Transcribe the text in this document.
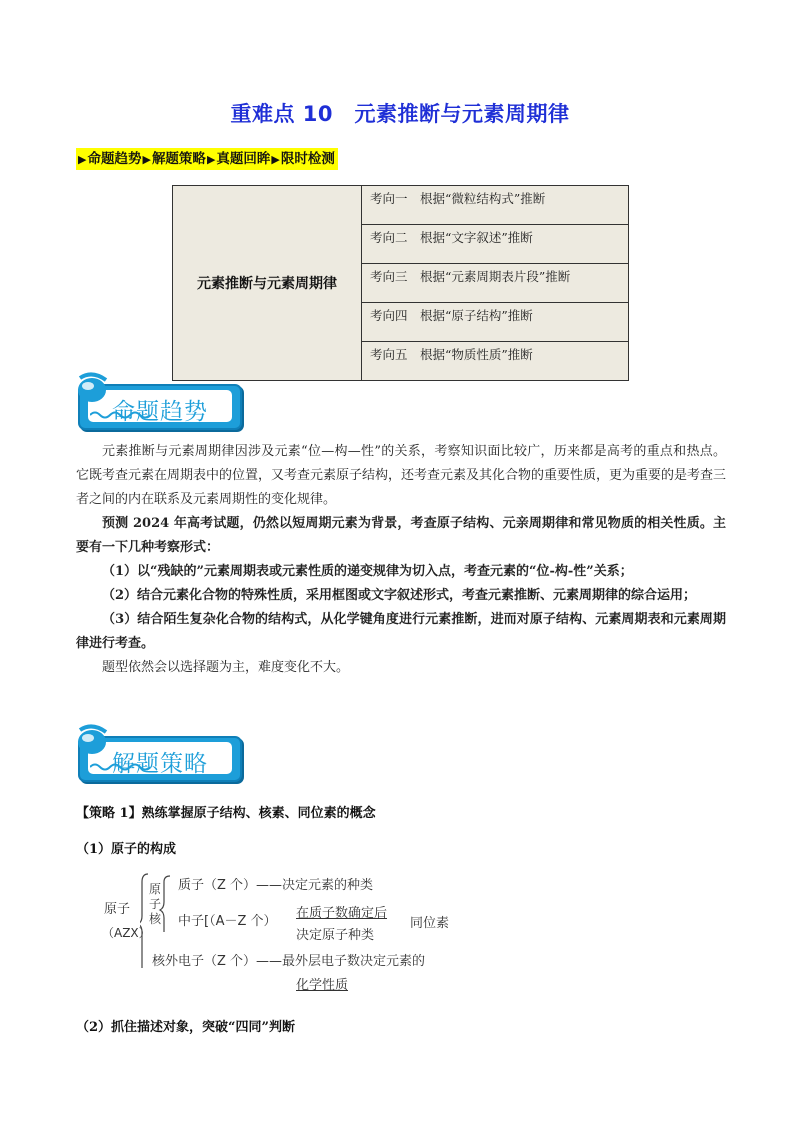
重难点 10　元素推断与元素周期律
▶命题趋势▶解题策略▶真题回眸▶限时检测
元素推断与元素周期律	考向一　根据“微粒结构式”推断
考向二　根据“文字叙述”推断
考向三　根据“元素周期表片段”推断
考向四　根据“原子结构”推断
考向五　根据“物质性质”推断
命题趋势

元素推断与元素周期律因涉及元素“位—构—性”的关系，考察知识面比较广，历来都是高考的重点和热点。它既考查元素在周期表中的位置，又考查元素原子结构，还考查元素及其化合物的重要性质，更为重要的是考查三者之间的内在联系及元素周期性的变化规律。

预测 2024 年高考试题，仍然以短周期元素为背景，考查原子结构、元亲周期律和常见物质的相关性质。主要有一下几种考察形式：

（1）以“残缺的”元素周期表或元素性质的递变规律为切入点，考查元素的“位-构-性”关系；

（2）结合元素化合物的特殊性质，采用框图或文字叙述形式，考查元素推断、元素周期律的综合运用；

（3）结合陌生复杂化合物的结构式，从化学键角度进行元素推断，进而对原子结构、元素周期表和元素周期律进行考查。

题型依然会以选择题为主，难度变化不大。

解题策略
【策略 1】熟练掌握原子结构、核素、同位素的概念
（1）原子的构成
原子
（AZX）
原子核
质子（Z 个）——决定元素的种类
中子[（A－Z 个）
在质子数确定后
决定原子种类
同位素
核外电子（Z 个）——最外层电子数决定元素的
化学性质
（2）抓住描述对象，突破“四同”判断
